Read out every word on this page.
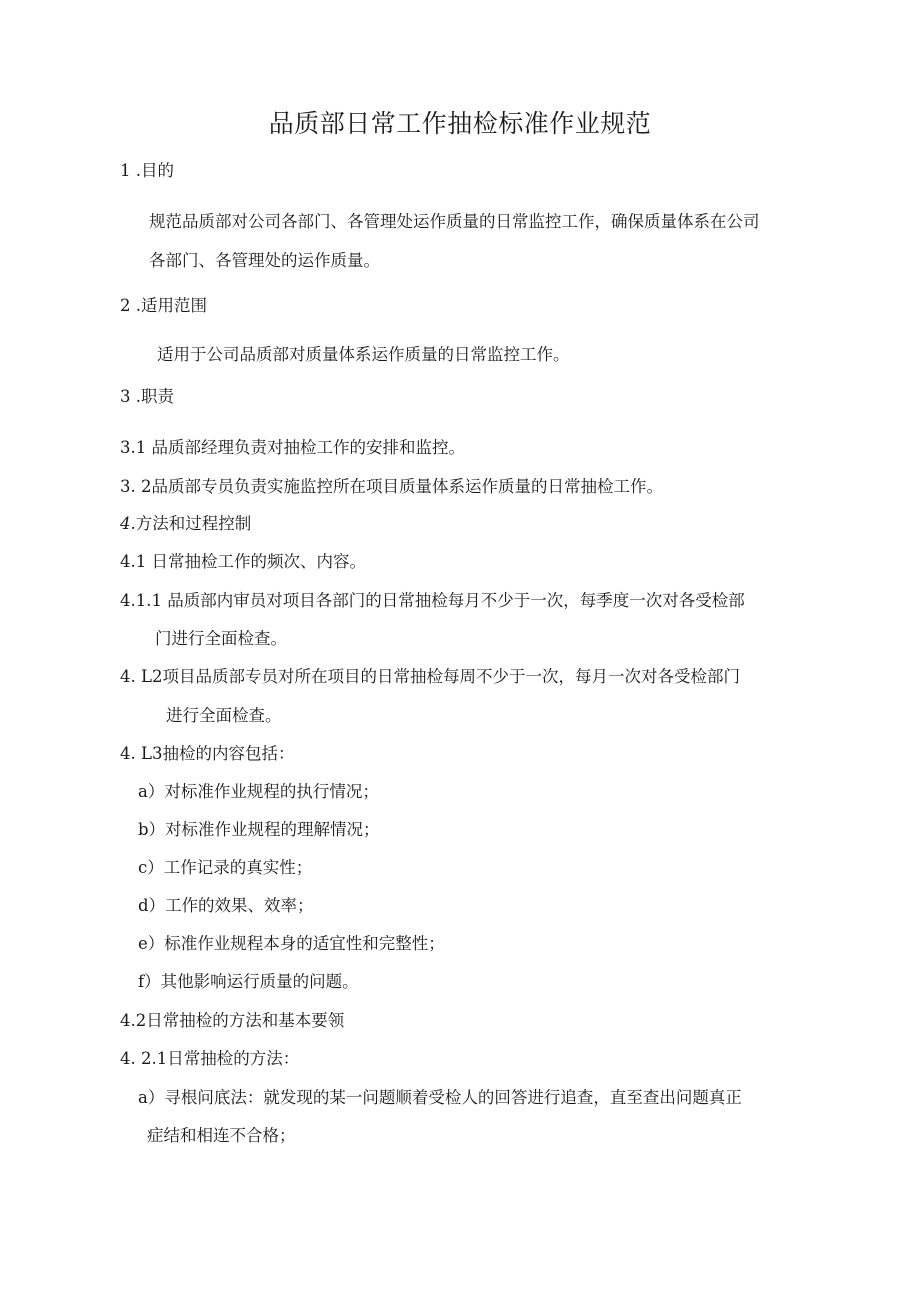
品质部日常工作抽检标准作业规范
1 .目的
规范品质部对公司各部门、各管理处运作质量的日常监控工作，确保质量体系在公司
各部门、各管理处的运作质量。
2 .适用范围
适用于公司品质部对质量体系运作质量的日常监控工作。
3 .职责
3.1 品质部经理负责对抽检工作的安排和监控。
3. 2品质部专员负责实施监控所在项目质量体系运作质量的日常抽检工作。
4.方法和过程控制
4.1 日常抽检工作的频次、内容。
4.1.1 品质部内审员对项目各部门的日常抽检每月不少于一次，每季度一次对各受检部
门进行全面检查。
4. L2项目品质部专员对所在项目的日常抽检每周不少于一次，每月一次对各受检部门
进行全面检查。
4. L3抽检的内容包括：
a）对标准作业规程的执行情况；
b）对标准作业规程的理解情况；
c）工作记录的真实性；
d）工作的效果、效率；
e）标准作业规程本身的适宜性和完整性；
f）其他影响运行质量的问题。
4.2日常抽检的方法和基本要领
4. 2.1日常抽检的方法：
a）寻根问底法：就发现的某一问题顺着受检人的回答进行追查，直至查出问题真正
症结和相连不合格；
